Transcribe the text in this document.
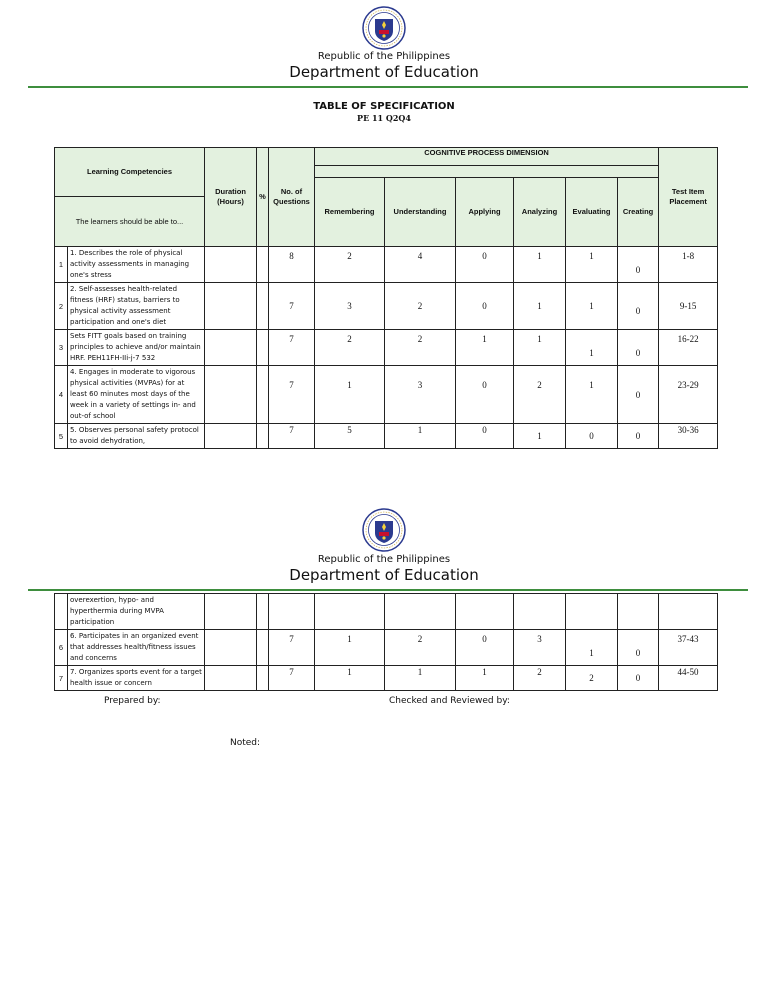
Republic of the Philippines
Department of Education
TABLE OF SPECIFICATION
PE 11 Q2Q4
Learning Competencies		Duration (Hours)	%	No. of Questions	COGNITIVE PROCESS DIMENSION						Test Item Placement

					Remembering	Understanding	Applying	Analyzing	Evaluating	Creating	
The learners should be able to...											
1	1. Describes the role of physical activity assessments in managing one's stress			8	2	4	0	1	1	0	1-8
2	2. Self-assesses health-related fitness (HRF) status, barriers to physical activity assessment participation and one's diet			7	3	2	0	1	1	0	9-15
3	Sets FITT goals based on training principles to achieve and/or maintain HRF. PEH11FH-IIi-j-7 532			7	2	2	1	1	1	0	16-22
4	4. Engages in moderate to vigorous physical activities (MVPAs) for at least 60 minutes most days of the week in a variety of settings in- and out-of school			7	1	3	0	2	1	0	23-29
5	5. Observes personal safety protocol to avoid dehydration,			7	5	1	0	1	0	0	30-36
Republic of the Philippines
Department of Education
	overexertion, hypo- and hyperthermia during MVPA participation										
6	6. Participates in an organized event that addresses health/fitness issues and concerns			7	1	2	0	3	1	0	37-43
7	7. Organizes sports event for a target health issue or concern			7	1	1	1	2	2	0	44-50
Prepared by:	Checked and Reviewed by:
Noted:
